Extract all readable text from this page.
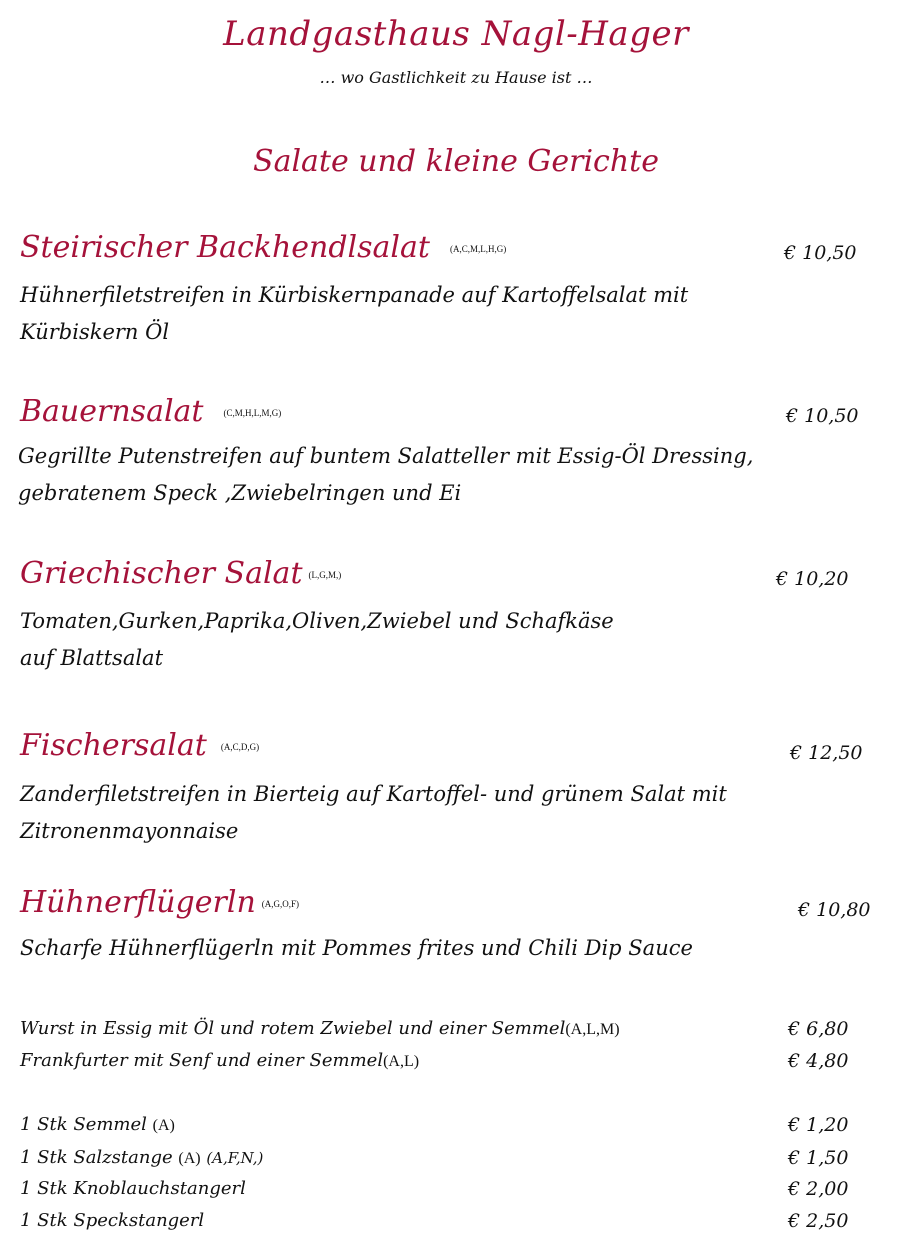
Landgasthaus Nagl-Hager
… wo Gastlichkeit zu Hause ist …
Salate und kleine Gerichte
Steirischer Backhendlsalat (A,C,M,L,H,G)	€ 10,50
Hühnerfiletstreifen in Kürbiskernpanade auf Kartoffelsalat mit
Kürbiskern Öl
Bauernsalat (C,M,H,L,M,G)	€ 10,50
Gegrillte Putenstreifen auf buntem Salatteller mit Essig-Öl Dressing,
gebratenem Speck ,Zwiebelringen und Ei
Griechischer Salat (L,G,M,)	€ 10,20
Tomaten,Gurken,Paprika,Oliven,Zwiebel und Schafkäse
auf Blattsalat
Fischersalat (A,C,D,G)	€ 12,50
Zanderfiletstreifen in Bierteig auf Kartoffel- und grünem Salat mit
Zitronenmayonnaise
Hühnerflügerln (A,G,O,F)	€ 10,80
Scharfe Hühnerflügerln mit Pommes frites und Chili Dip Sauce
Wurst in Essig mit Öl und rotem Zwiebel und einer Semmel(A,L,M)	€ 6,80
Frankfurter mit Senf und einer Semmel(A,L)	€ 4,80
1 Stk Semmel (A)	€ 1,20
1 Stk Salzstange (A) (A,F,N,)	€ 1,50
1 Stk Knoblauchstangerl	€ 2,00
1 Stk Speckstangerl	€ 2,50
